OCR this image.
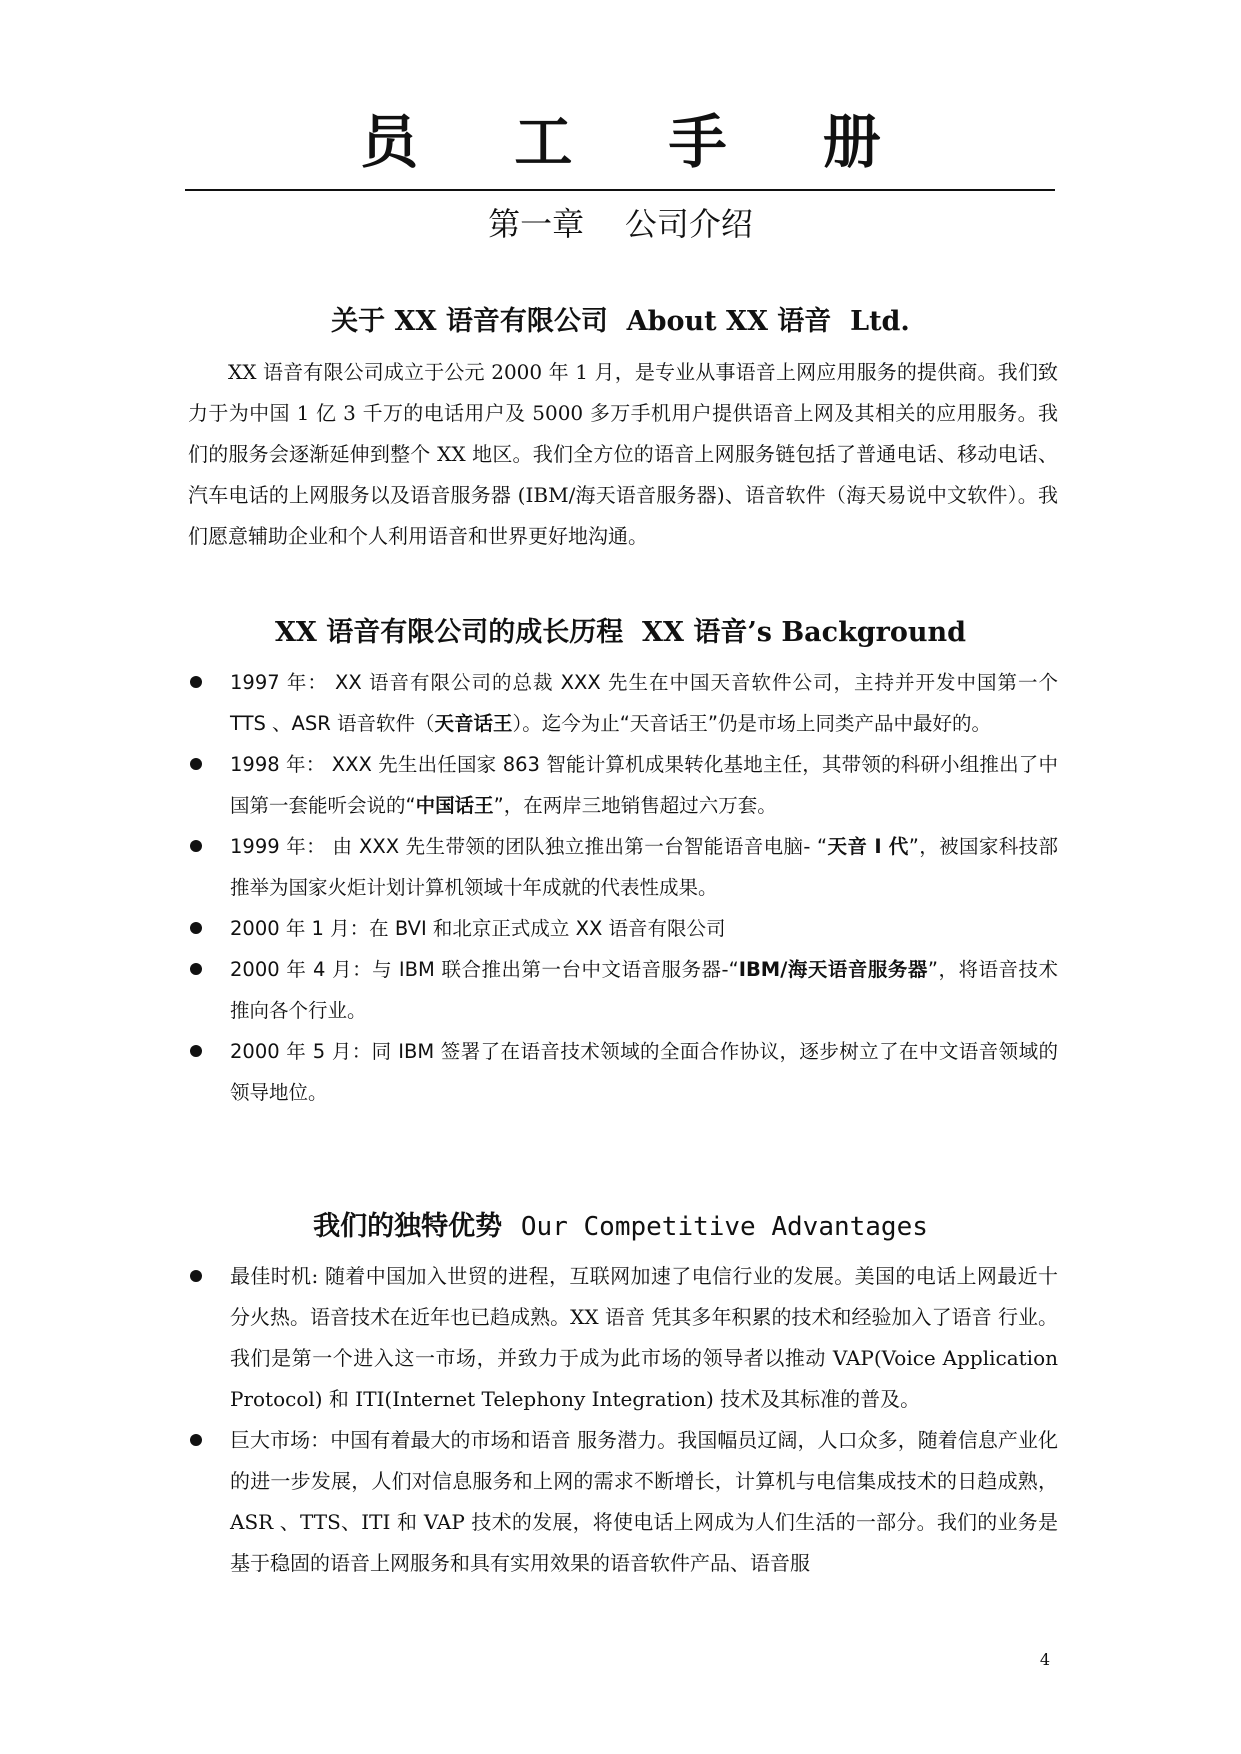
员 工 手 册
第一章    公司介绍
关于 XX 语音有限公司  About XX 语音  Ltd.

XX 语音有限公司成立于公元 2000 年 1 月，是专业从事语音上网应用服务的提供商。我们致力于为中国 1 亿 3 千万的电话用户及 5000 多万手机用户提供语音上网及其相关的应用服务。我们的服务会逐渐延伸到整个 XX 地区。我们全方位的语音上网服务链包括了普通电话、移动电话、汽车电话的上网服务以及语音服务器 (IBM/海天语音服务器)、语音软件（海天易说中文软件）。我们愿意辅助企业和个人利用语音和世界更好地沟通。

XX 语音有限公司的成长历程  XX 语音’s Background
1997 年： XX 语音有限公司的总裁 XXX 先生在中国天音软件公司，主持并开发中国第一个 TTS 、ASR 语音软件（天音话王）。迄今为止“天音话王”仍是市场上同类产品中最好的。
1998 年： XXX 先生出任国家 863 智能计算机成果转化基地主任，其带领的科研小组推出了中国第一套能听会说的“中国话王”，在两岸三地销售超过六万套。
1999 年： 由 XXX 先生带领的团队独立推出第一台智能语音电脑- “天音 I 代”，被国家科技部推举为国家火炬计划计算机领域十年成就的代表性成果。
2000 年 1 月：在 BVI 和北京正式成立 XX 语音有限公司
2000 年 4 月：与 IBM 联合推出第一台中文语音服务器-“IBM/海天语音服务器”，将语音技术推向各个行业。
2000 年 5 月：同 IBM 签署了在语音技术领域的全面合作协议，逐步树立了在中文语音领域的领导地位。
我们的独特优势  Our Competitive Advantages
最佳时机: 随着中国加入世贸的进程，互联网加速了电信行业的发展。美国的电话上网最近十分火热。语音技术在近年也已趋成熟。XX 语音 凭其多年积累的技术和经验加入了语音 行业。我们是第一个进入这一市场，并致力于成为此市场的领导者以推动 VAP(Voice Application Protocol) 和 ITI(Internet Telephony Integration) 技术及其标准的普及。
巨大市场：中国有着最大的市场和语音 服务潜力。我国幅员辽阔，人口众多，随着信息产业化的进一步发展，人们对信息服务和上网的需求不断增长，计算机与电信集成技术的日趋成熟，ASR 、TTS、ITI 和 VAP 技术的发展，将使电话上网成为人们生活的一部分。我们的业务是基于稳固的语音上网服务和具有实用效果的语音软件产品、语音服
4
